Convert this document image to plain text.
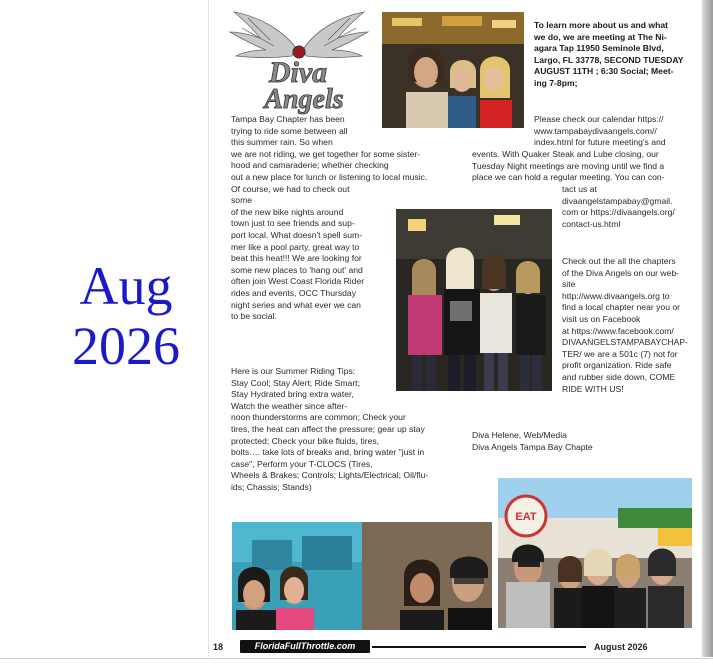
Aug
2026
Diva
Angels
To learn more about us and what
we do, we are meeting at The Ni-
agara Tap 11950 Seminole Blvd,
Largo, FL 33778, SECOND TUESDAY
AUGUST 11TH ; 6:30 Social; Meet-
ing 7-8pm;
Please check our calendar https://
www.tampabaydivaangels.com//
index.html for future meeting's and
Tampa Bay Chapter has been
trying to ride some between all
this summer rain. So when
we are not riding, we get together for some sister-
hood and camaraderie; whether checking
out a new place for lunch or listening to local music.
Of course, we had to check out
some
of the new bike nights around
town just to see friends and sup-
port local. What doesn't spell sum-
mer like a pool party, great way to
beat this heat!!! We are looking for
some new places to 'hang out' and
often join West Coast Florida Rider
rides and events, OCC Thursday
night series and what ever we can
to be social.
events. With Quaker Steak and Lube closing, our
Tuesday Night meetings are moving until we find a
place we can hold a regular meeting. You can con-
tact us at
divaangelstampabay@gmail.
com or https://divaangels.org/
contact-us.html
Check out the all the chapters
of the Diva Angels on our web-
site
http://www.divaangels.org to
find a local chapter near you or
visit us on Facebook
at https://www.facebook.com/
DIVAANGELSTAMPABAYCHAP-
TER/ we are a 501c (7) not for
profit organization. Ride safe
and rubber side down, COME
RIDE WITH US!
Here is our Summer Riding Tips:
Stay Cool; Stay Alert; Ride Smart;
Stay Hydrated bring extra water,
Watch the weather since after-
noon thunderstorms are common; Check your
tires, the heat can affect the pressure; gear up stay
protected; Check your bike fluids, tires,
bolts…. take lots of breaks and, bring water "just in
case", Perform your T-CLOCS (Tires,
Wheels & Brakes; Controls; Lights/Electrical; Oil/flu-
ids; Chassis; Stands)
Diva Helene, Web/Media
Diva Angels Tampa Bay Chapte
EAT
18	FloridaFullThrottle.com	August 2026
